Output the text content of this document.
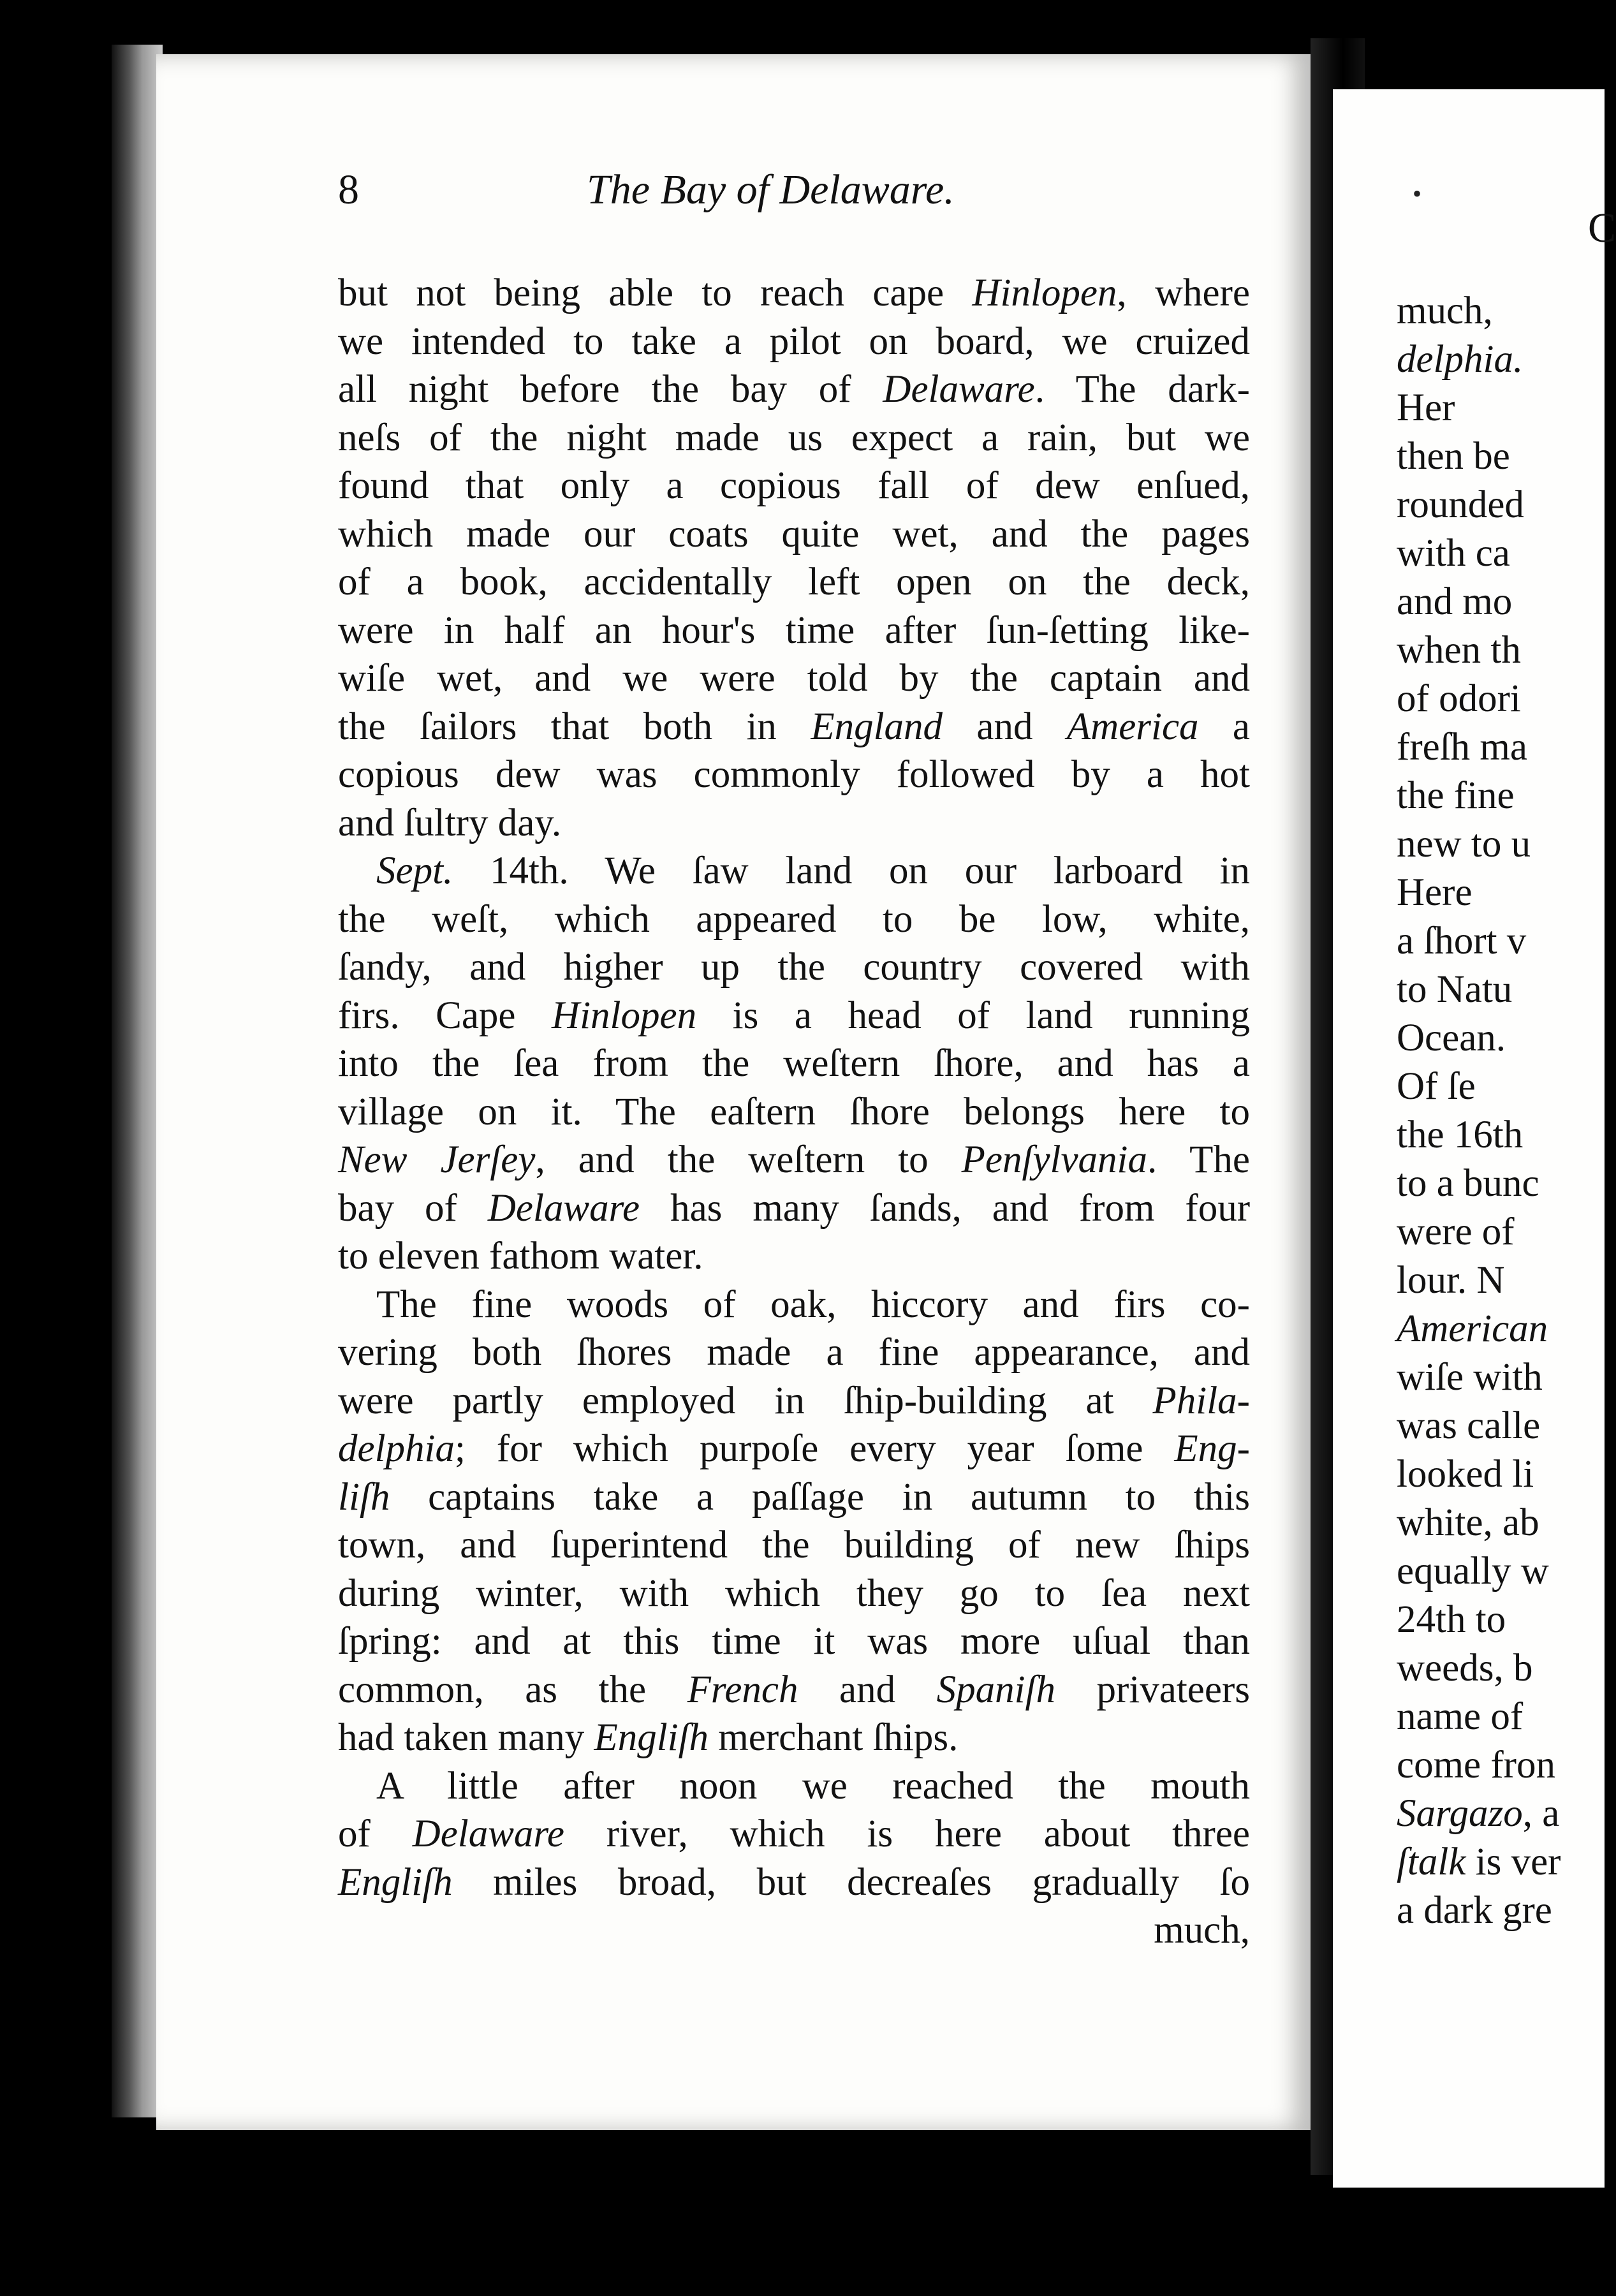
8	The Bay of Delaware.
but not being able to reach cape Hinlopen, where
we intended to take a pilot on board, we cruized
all night before the bay of Delaware. The dark-
neſs of the night made us expect a rain, but we
found that only a copious fall of dew enſued,
which made our coats quite wet, and the pages
of a book, accidentally left open on the deck,
were in half an hour's time after ſun-ſetting like-
wiſe wet, and we were told by the captain and
the ſailors that both in England and America a
copious dew was commonly followed by a hot
and ſultry day.
Sept. 14th. We ſaw land on our larboard in
the weſt, which appeared to be low, white,
ſandy, and higher up the country covered with
firs. Cape Hinlopen is a head of land running
into the ſea from the weſtern ſhore, and has a
village on it. The eaſtern ſhore belongs here to
New Jerſey, and the weſtern to Penſylvania. The
bay of Delaware has many ſands, and from four
to eleven fathom water.
The fine woods of oak, hiccory and firs co-
vering both ſhores made a fine appearance, and
were partly employed in ſhip-building at Phila-
delphia; for which purpoſe every year ſome Eng-
liſh captains take a paſſage in autumn to this
town, and ſuperintend the building of new ſhips
during winter, with which they go to ſea next
ſpring: and at this time it was more uſual than
common, as the French and Spaniſh privateers
had taken many Engliſh merchant ſhips.
A little after noon we reached the mouth
of Delaware river, which is here about three
Engliſh miles broad, but decreaſes gradually ſo
much,
•
C
much,
delphia.
Her
then be
rounded
with ca
and mo
when th
of odori
freſh ma
the fine
new to u
Here
a ſhort v
to Natu
Ocean.
Of ſe
the 16th
to a bunc
were of
lour. N
American
wiſe with
was calle
looked li
white, ab
equally w
24th to
weeds, b
name of
come fron
Sargazo, a
ſtalk is ver
a dark gre
